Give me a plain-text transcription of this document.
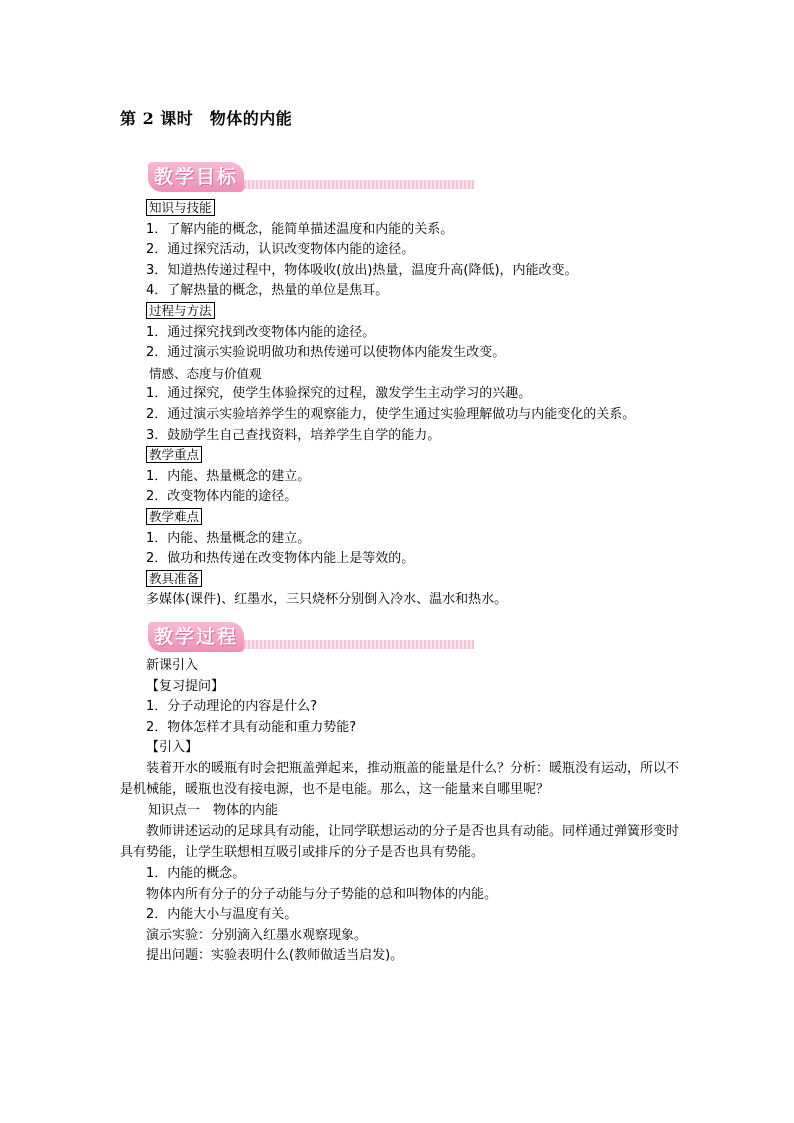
第 2 课时　物体的内能
教学目标
知识与技能
1．了解内能的概念，能简单描述温度和内能的关系。
2．通过探究活动，认识改变物体内能的途径。
3．知道热传递过程中，物体吸收(放出)热量，温度升高(降低)，内能改变。
4．了解热量的概念，热量的单位是焦耳。
过程与方法
1．通过探究找到改变物体内能的途径。
2．通过演示实验说明做功和热传递可以使物体内能发生改变。
情感、态度与价值观
1．通过探究，使学生体验探究的过程，激发学生主动学习的兴趣。
2．通过演示实验培养学生的观察能力，使学生通过实验理解做功与内能变化的关系。
3．鼓励学生自己查找资料，培养学生自学的能力。
教学重点
1．内能、热量概念的建立。
2．改变物体内能的途径。
教学难点
1．内能、热量概念的建立。
2．做功和热传递在改变物体内能上是等效的。
教具准备
多媒体(课件)、红墨水，三只烧杯分别倒入冷水、温水和热水。
教学过程
新课引入
【复习提问】
1．分子动理论的内容是什么?
2．物体怎样才具有动能和重力势能?
【引入】
装着开水的暖瓶有时会把瓶盖弹起来，推动瓶盖的能量是什么？分析：暖瓶没有运动，所以不是机械能，暖瓶也没有接电源，也不是电能。那么，这一能量来自哪里呢？
知识点一　物体的内能
教师讲述运动的足球具有动能，让同学联想运动的分子是否也具有动能。同样通过弹簧形变时具有势能，让学生联想相互吸引或排斥的分子是否也具有势能。
1．内能的概念。
物体内所有分子的分子动能与分子势能的总和叫物体的内能。
2．内能大小与温度有关。
演示实验：分别滴入红墨水观察现象。
提出问题：实验表明什么(教师做适当启发)。
